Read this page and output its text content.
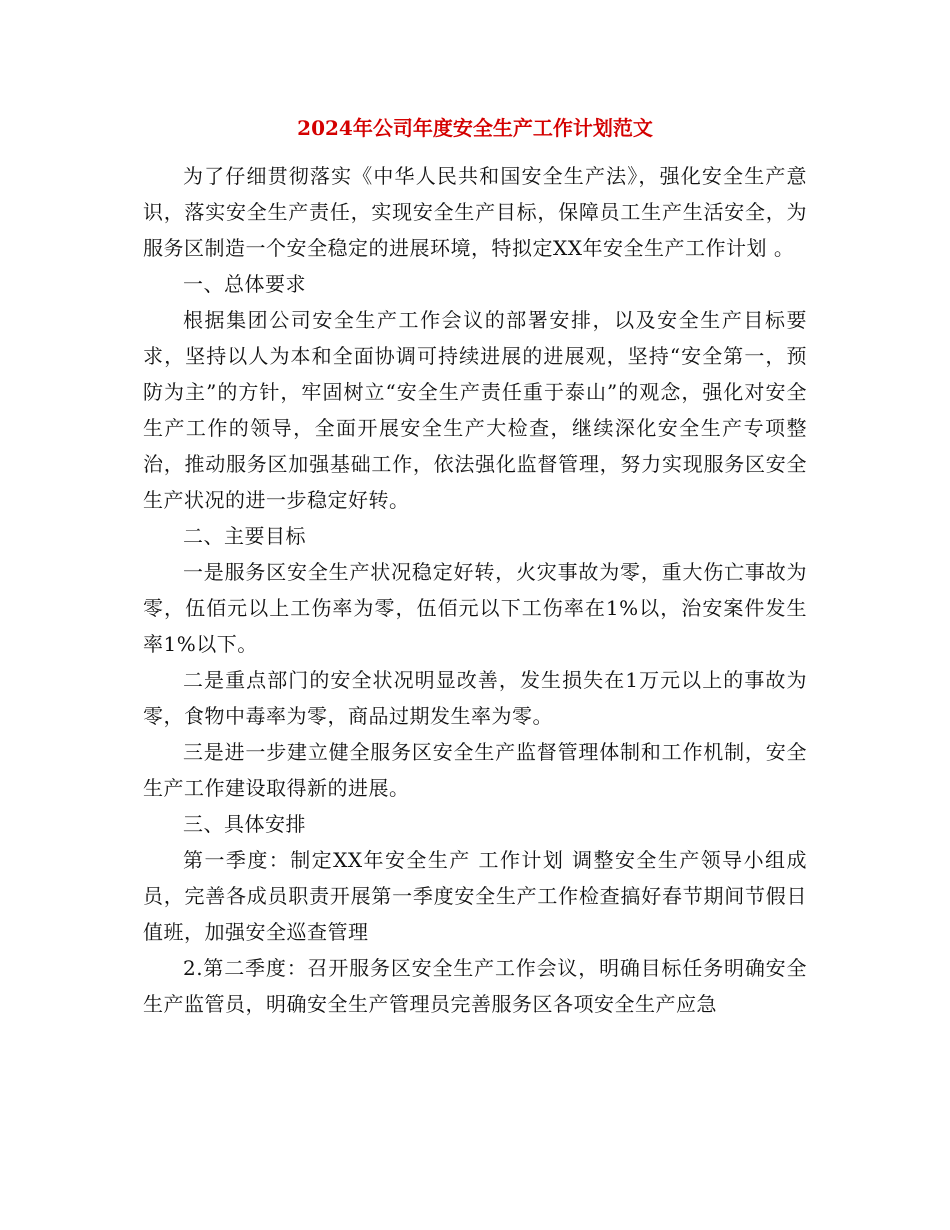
2024年公司年度安全生产工作计划范文

为了仔细贯彻落实《中华人民共和国安全生产法》，强化安全生产意识，落实安全生产责任，实现安全生产目标，保障员工生产生活安全，为服务区制造一个安全稳定的进展环境，特拟定XX年安全生产工作计划 。

一、总体要求

根据集团公司安全生产工作会议的部署安排，以及安全生产目标要求，坚持以人为本和全面协调可持续进展的进展观，坚持“安全第一，预防为主”的方针，牢固树立“安全生产责任重于泰山”的观念，强化对安全生产工作的领导，全面开展安全生产大检查，继续深化安全生产专项整治，推动服务区加强基础工作，依法强化监督管理，努力实现服务区安全生产状况的进一步稳定好转。

二、主要目标

一是服务区安全生产状况稳定好转，火灾事故为零，重大伤亡事故为零，伍佰元以上工伤率为零，伍佰元以下工伤率在1%以，治安案件发生率1%以下。

二是重点部门的安全状况明显改善，发生损失在1万元以上的事故为零，食物中毒率为零，商品过期发生率为零。

三是进一步建立健全服务区安全生产监督管理体制和工作机制，安全生产工作建设取得新的进展。

三、具体安排

第一季度：制定XX年安全生产 工作计划 调整安全生产领导小组成员，完善各成员职责开展第一季度安全生产工作检查搞好春节期间节假日值班，加强安全巡查管理

2.第二季度：召开服务区安全生产工作会议，明确目标任务明确安全生产监管员，明确安全生产管理员完善服务区各项安全生产应急
